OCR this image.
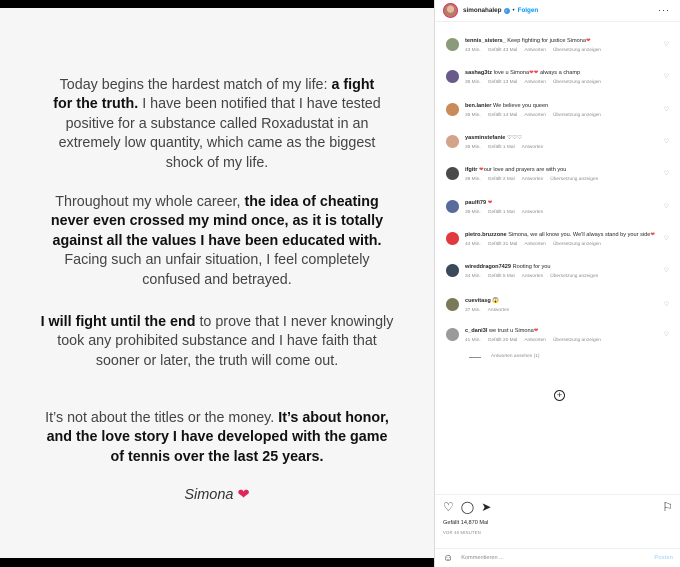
Today begins the hardest match of my life: a fight
for the truth. I have been notified that I have tested positive for a substance called Roxadustat in an extremely low quantity, which came as the biggest shock of my life.
Throughout my whole career, the idea of cheating never even crossed my mind once, as it is totally against all the values I have been educated with. Facing such an unfair situation, I feel completely confused and betrayed.
I will fight until the end to prove that I never knowingly took any prohibited substance and I have faith that sooner or later, the truth will come out.
It’s not about the titles or the money. It’s about honor, and the love story I have developed with the game of tennis over the last 25 years.
Simona ❤
simonahalep ✓ • Folgen	···
tennis_sisters_ Keep fighting for justice Simona❤
43 Min. Gefällt 43 Mal Antworten Übersetzung anzeigen
♡
sashag3tz love u Simona❤❤ always a champ
38 Min. Gefällt 13 Mal Antworten Übersetzung anzeigen
♡
ben.lanier We believe you queen
35 Min. Gefällt 14 Mal Antworten Übersetzung anzeigen
♡
yasminstefanie ♡♡♡
35 Min. Gefällt 1 Mal Antworten
♡
ifgitr ❤our love and prayers are with you
38 Min. Gefällt 2 Mal Antworten Übersetzung anzeigen
♡
paulfi79 ❤
39 Min. Gefällt 1 Mal Antworten
♡
pietro.bruzzone Simona, we all know you. We'll always stand by your side❤
44 Min. Gefällt 31 Mal Antworten Übersetzung anzeigen
♡
wireddragon7429 Rooting for you
34 Min. Gefällt 5 Mal Antworten Übersetzung anzeigen
♡
cuevitasg 😱
37 Min. Antworten
♡
c_dani3l we trust u Simona❤
41 Min. Gefällt 20 Mal Antworten Übersetzung anzeigen
♡
Antworten ansehen (1)
+
♡ ◯ ➤	⚐
Gefällt 14,870 Mal
VOR 46 MINUTEN
☺ Kommentieren ...	Posten
